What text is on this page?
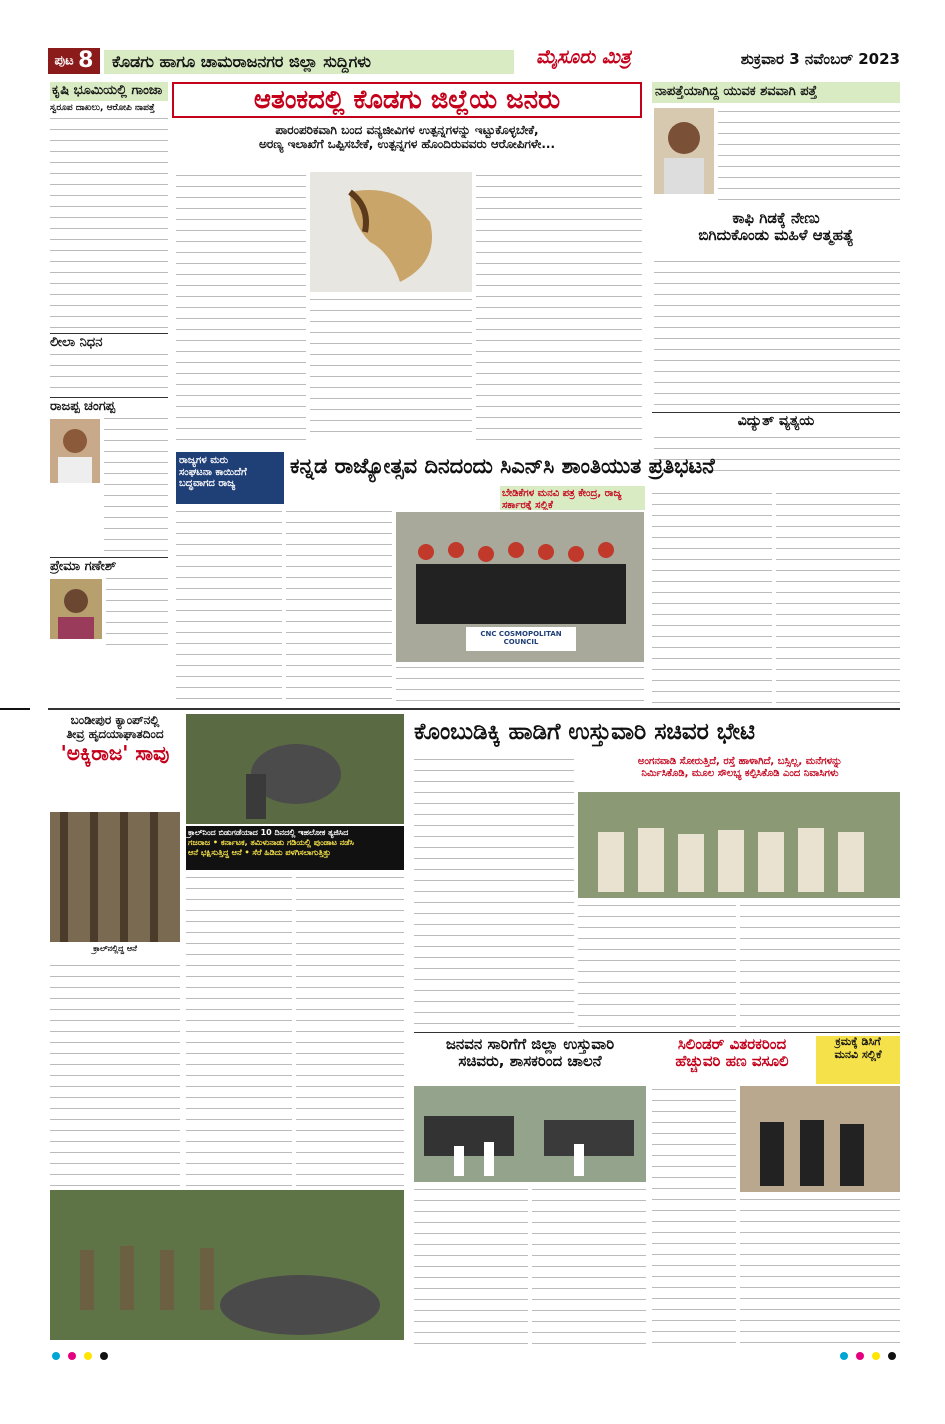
ಪುಟ 8	ಕೊಡಗು ಹಾಗೂ ಚಾಮರಾಜನಗರ ಜಿಲ್ಲಾ ಸುದ್ದಿಗಳು	ಮೈಸೂರು ಮಿತ್ರ	ಶುಕ್ರವಾರ 3 ನವೆಂಬರ್ 2023
ಕೃಷಿ ಭೂಮಿಯಲ್ಲಿ ಗಾಂಜಾ
ಸ್ವರೂಪ ದಾಖಲು, ಆರೋಪಿ ನಾಪತ್ತೆ
ಲೀಲಾ ನಿಧನ
ರಾಜಪ್ಪ ಚಂಗಪ್ಪ
ಪ್ರೇಮಾ ಗಣೇಶ್
ಆತಂಕದಲ್ಲಿ ಕೊಡಗು ಜಿಲ್ಲೆಯ ಜನರು
ಪಾರಂಪರಿಕವಾಗಿ ಬಂದ ವನ್ಯಜೀವಿಗಳ ಉತ್ಪನ್ನಗಳನ್ನು ಇಟ್ಟುಕೊಳ್ಳಬೇಕೆ,
ಅರಣ್ಯ ಇಲಾಖೆಗೆ ಒಪ್ಪಿಸಬೇಕೆ, ಉತ್ಪನ್ನಗಳ ಹೊಂದಿರುವವರು ಆರೋಪಿಗಳೇ...
ನಾಪತ್ತೆಯಾಗಿದ್ದ ಯುವಕ ಶವವಾಗಿ ಪತ್ತೆ
ಕಾಫಿ ಗಿಡಕ್ಕೆ ನೇಣು
ಬಿಗಿದುಕೊಂಡು ಮಹಿಳೆ ಆತ್ಮಹತ್ಯೆ
ವಿದ್ಯುತ್ ವ್ಯತ್ಯಯ
ರಾಜ್ಯಗಳ ಮರು
ಸಂಘಟನಾ ಕಾಯಿದೆಗೆ
ಬದ್ಧವಾಗದ ರಾಜ್ಯ
ಕನ್ನಡ ರಾಜ್ಯೋತ್ಸವ ದಿನದಂದು ಸಿಎನ್‌ಸಿ ಶಾಂತಿಯುತ ಪ್ರತಿಭಟನೆ
ಬೇಡಿಕೆಗಳ ಮನವಿ ಪತ್ರ ಕೇಂದ್ರ, ರಾಜ್ಯ ಸರ್ಕಾರಕ್ಕೆ ಸಲ್ಲಿಕೆ
CNC COSMOPOLITAN COUNCIL
ಬಂಡೀಪುರ ಕ್ಯಾಂಪ್‌ನಲ್ಲಿ
ತೀವ್ರ ಹೃದಯಾಘಾತದಿಂದ
'ಅಕ್ಕಿರಾಜ' ಸಾವು
ಕ್ರಾಲ್‌ನಿಂದ ಬಿಡುಗಡೆಯಾದ 10 ದಿನದಲ್ಲಿ ಇಹಲೋಕ ತ್ಯಜಿಸಿದ
ಗಜರಾಜ • ಕರ್ನಾಟಕ, ತಮಿಳುನಾಡು ಗಡಿಯಲ್ಲಿ ಪುಂಡಾಟ ನಡೆಸಿ
ಆನೆ ಭಕ್ಷಿಸುತ್ತಿದ್ದ ಆನೆ • ಸೆರೆ ಹಿಡಿದು ಪಳಗಿಸಲಾಗುತ್ತಿತ್ತು
ಕ್ರಾಲ್‌ನಲ್ಲಿದ್ದ ಆನೆ
ಕೊಂಬುಡಿಕ್ಕಿ ಹಾಡಿಗೆ ಉಸ್ತುವಾರಿ ಸಚಿವರ ಭೇಟಿ
ಅಂಗನವಾಡಿ ಸೋರುತ್ತಿದೆ, ರಸ್ತೆ ಹಾಳಾಗಿದೆ, ಬಸ್ಸಿಲ್ಲ, ಮನೆಗಳನ್ನು
ನಿರ್ಮಿಸಿಕೊಡಿ, ಮೂಲ ಸೌಲಭ್ಯ ಕಲ್ಪಿಸಿಕೊಡಿ ಎಂದ ನಿವಾಸಿಗಳು
ಜನವನ ಸಾರಿಗೆಗೆ ಜಿಲ್ಲಾ ಉಸ್ತುವಾರಿ
ಸಚಿವರು, ಶಾಸಕರಿಂದ ಚಾಲನೆ
ಸಿಲಿಂಡರ್ ವಿತರಕರಿಂದ
ಹೆಚ್ಚುವರಿ ಹಣ ವಸೂಲಿ
ಕ್ರಮಕ್ಕೆ ಡಿಸಿಗೆ
ಮನವಿ ಸಲ್ಲಿಕೆ
